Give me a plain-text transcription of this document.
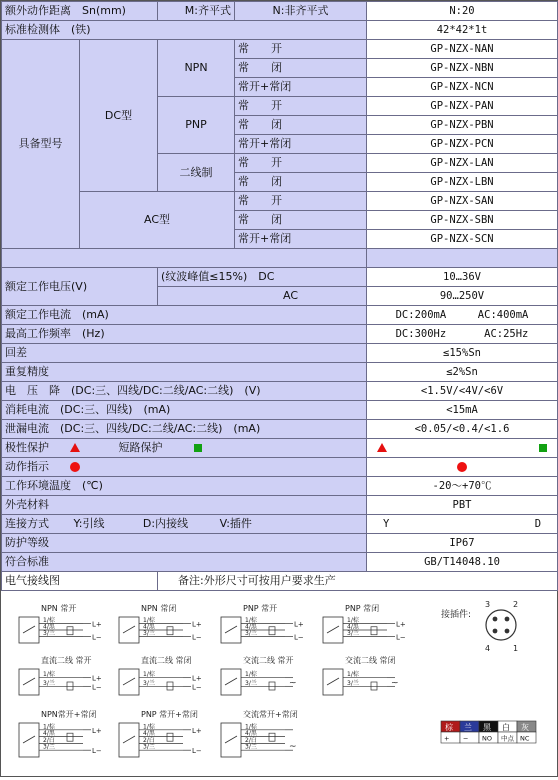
额外动作距离　Sn(mm)		M:齐平式	N:非齐平式	N:20
标准检测体　(铁)				42*42*1t
具备型号	DC型	NPN	常　　开	GP-NZX-NAN
			常　　闭	GP-NZX-NBN
			常开+常闭	GP-NZX-NCN
		PNP	常　　开	GP-NZX-PAN
			常　　闭	GP-NZX-PBN
			常开+常闭	GP-NZX-PCN
		二线制	常　　开	GP-NZX-LAN
			常　　闭	GP-NZX-LBN
	AC型		常　　开	GP-NZX-SAN
			常　　闭	GP-NZX-SBN
			常开+常闭	GP-NZX-SCN

额定工作电压(V)		(纹波峰值≤15%)　DC		10…36V
		AC		90…250V
额定工作电流　(mA)				DC:200mA AC:400mA
最高工作频率　(Hz)				DC:300Hz AC:25Hz
回差				≤15%Sn
重复精度				≤2%Sn
电　压　降　(DC:三、四线/DC:二线/AC:二线)　(V)				<1.5V/<4V/<6V
消耗电流　(DC:三、四线)　(mA)				<15mA
泄漏电流　(DC:三、四线/DC:二线/AC:二线)　(mA)				<0.05/<0.4/<1.6
极性保护 短路保护				
动作指示				
工作环境温度　(℃)				-20～+70℃
外壳材料				PBT
连接方式 Y:引线 D:内接线 V:插件				Y D
防护等级				IP67
符合标准				GB/T14048.10
电气接线图		备注:外形尺寸可按用户要求生产		
NPN 常开
1/棕
4/黑
3/兰
L+
L−
NPN 常闭
1/棕
4/黑
3/兰
L+
L−
PNP 常开
1/棕
4/黑
3/兰
L+
L−
PNP 常闭
1/棕
4/黑
3/兰
L+
L−
直流二线 常开
1/棕
3/兰
L+
L−
直流二线 常闭
1/棕
3/兰
L+
L−
交流二线 常开
1/棕
3/兰	~
交流二线 常闭
1/棕
3/兰	~
NPN常开+常闭
1/棕
4/黑
2/白
3/兰
L+
L−
PNP 常开+常闭
1/棕
4/黑
2/白
3/兰
L+
L−
交流常开+常闭
1/棕
4/黑
2/白
3/兰	~
接插件:
3	2
4	1
棕
+
兰
−
黑
NO
白
中点
灰
NC
